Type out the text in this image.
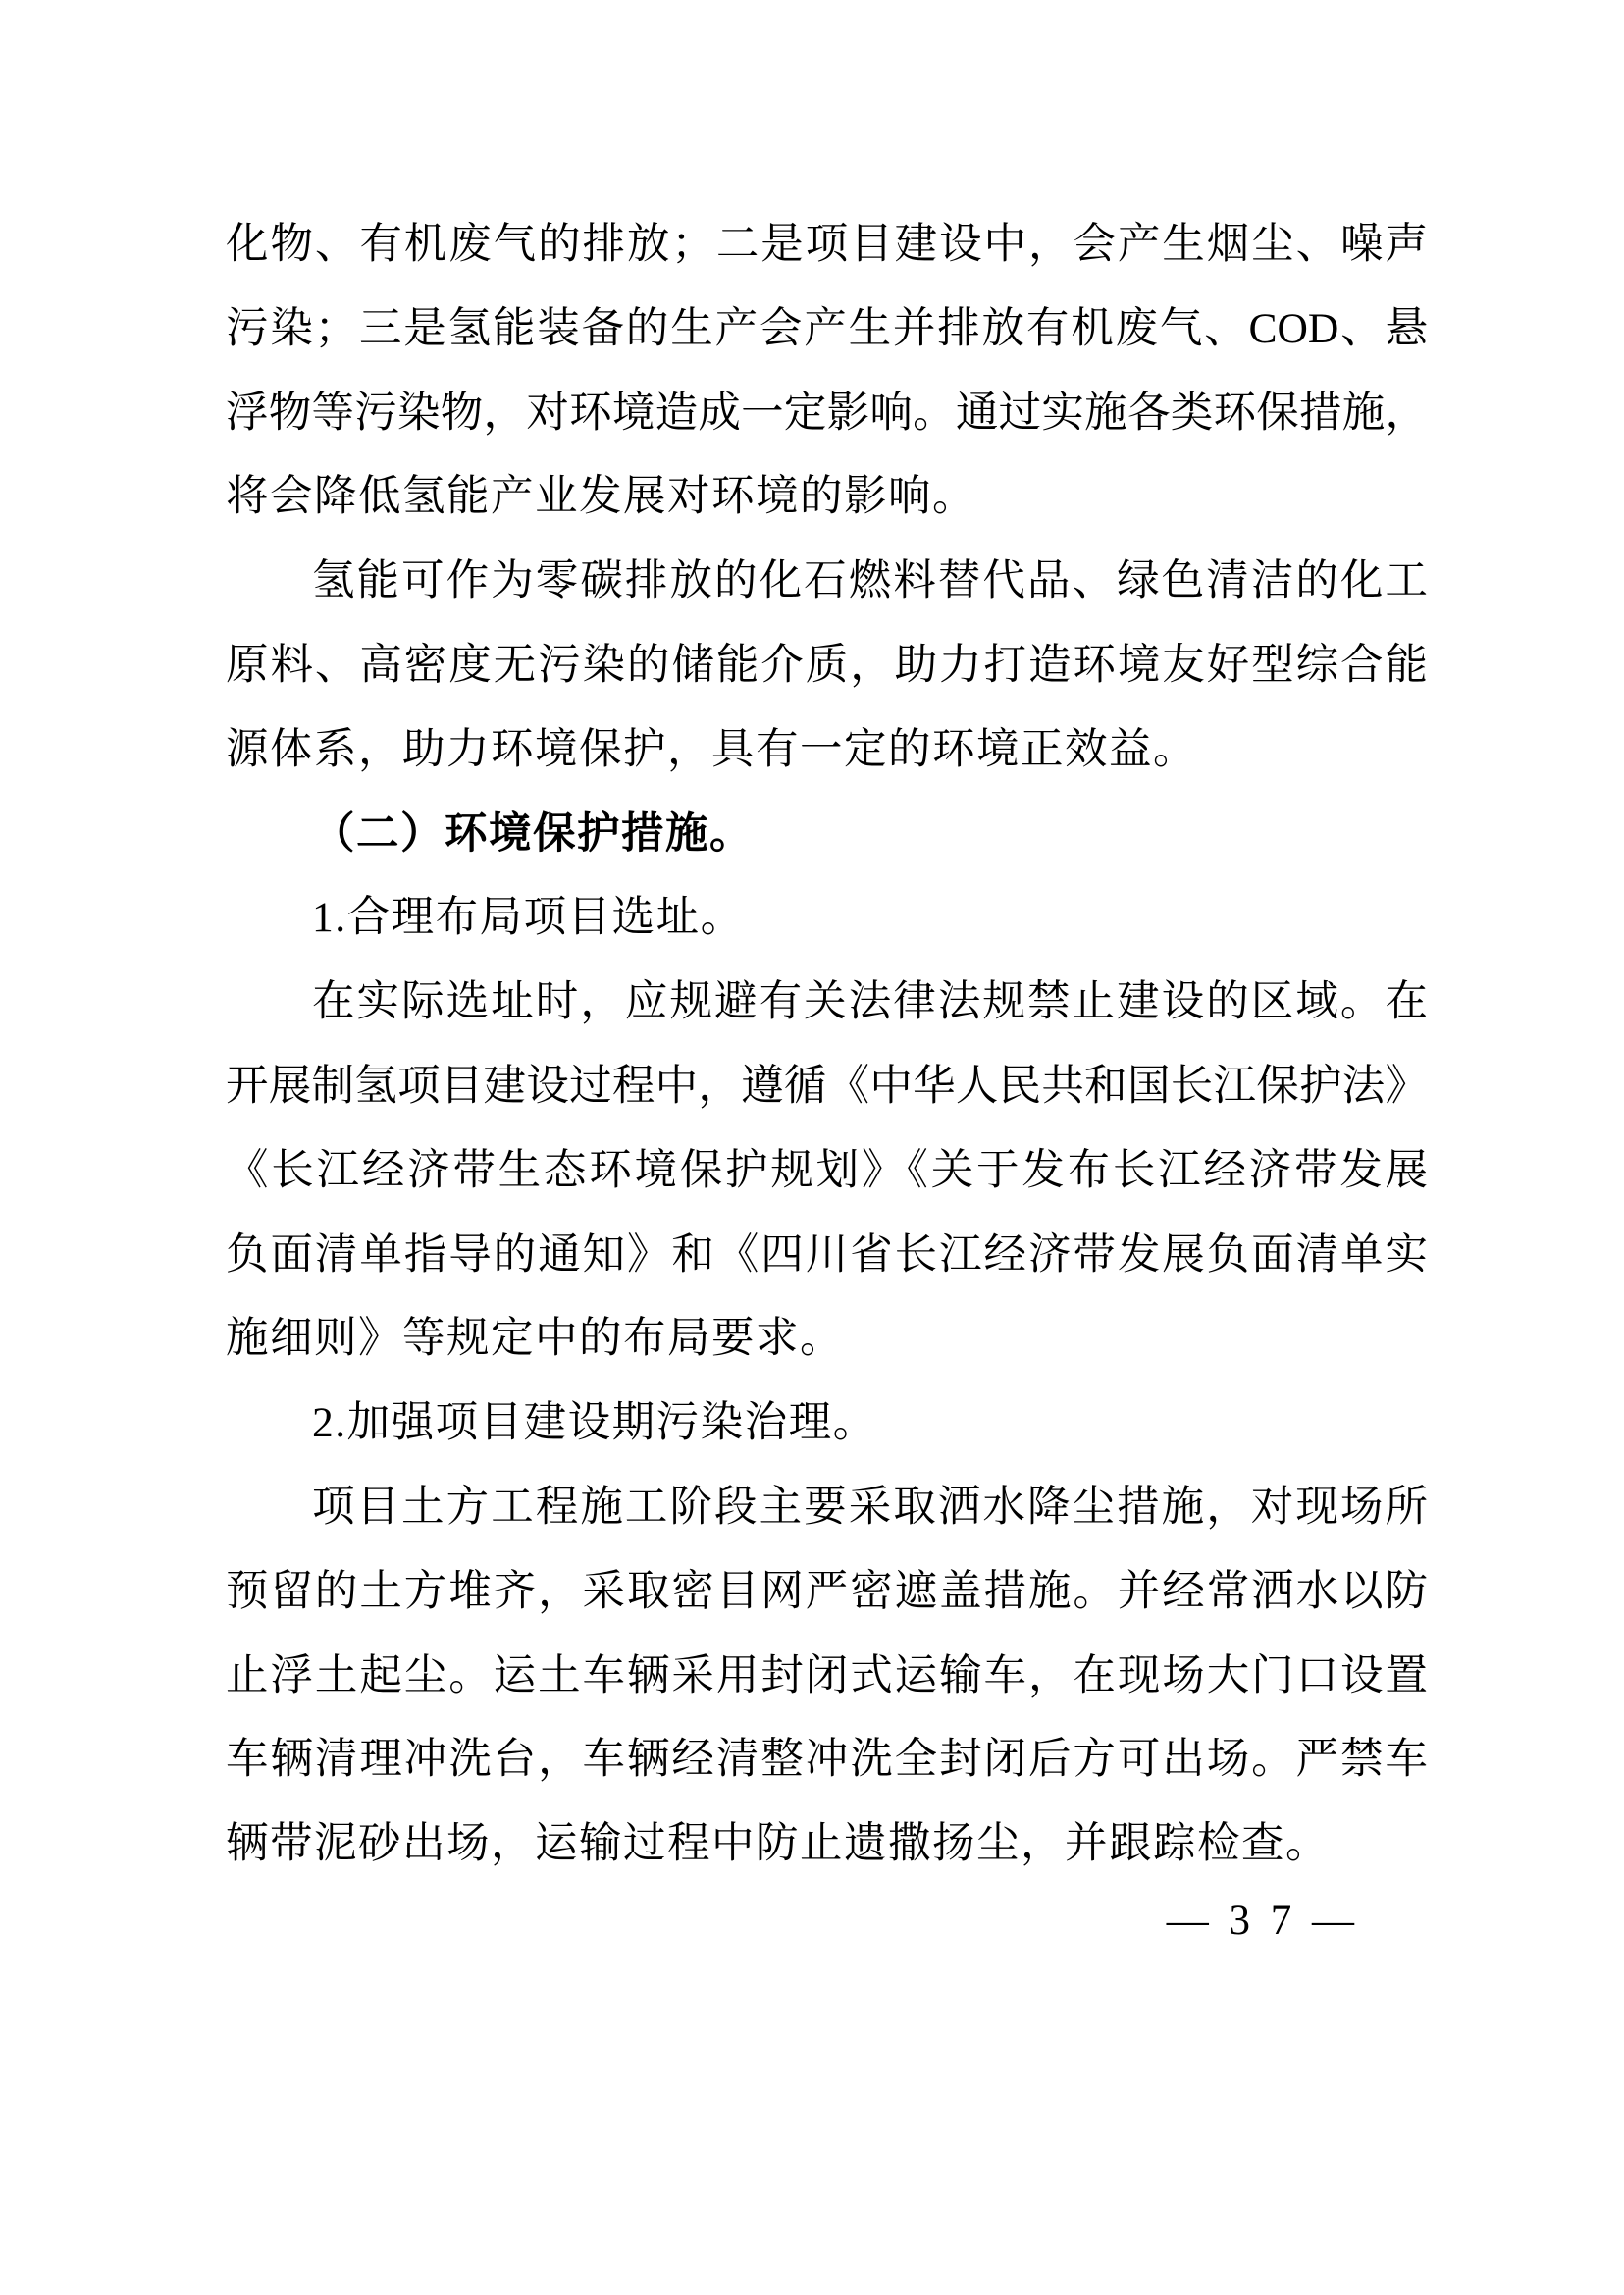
化物、有机废气的排放；二是项目建设中，会产生烟尘、噪声
污染；三是氢能装备的生产会产生并排放有机废气、COD、悬
浮物等污染物，对环境造成一定影响。通过实施各类环保措施，
将会降低氢能产业发展对环境的影响。
氢能可作为零碳排放的化石燃料替代品、绿色清洁的化工
原料、高密度无污染的储能介质，助力打造环境友好型综合能
源体系，助力环境保护，具有一定的环境正效益。
（二）环境保护措施。
1.合理布局项目选址。
在实际选址时，应规避有关法律法规禁止建设的区域。在
开展制氢项目建设过程中，遵循《中华人民共和国长江保护法》
《长江经济带生态环境保护规划》《关于发布长江经济带发展
负面清单指导的通知》和《四川省长江经济带发展负面清单实
施细则》等规定中的布局要求。
2.加强项目建设期污染治理。
项目土方工程施工阶段主要采取洒水降尘措施，对现场所
预留的土方堆齐，采取密目网严密遮盖措施。并经常洒水以防
止浮土起尘。运土车辆采用封闭式运输车，在现场大门口设置
车辆清理冲洗台，车辆经清整冲洗全封闭后方可出场。严禁车
辆带泥砂出场，运输过程中防止遗撒扬尘，并跟踪检查。
— 3 7 —
